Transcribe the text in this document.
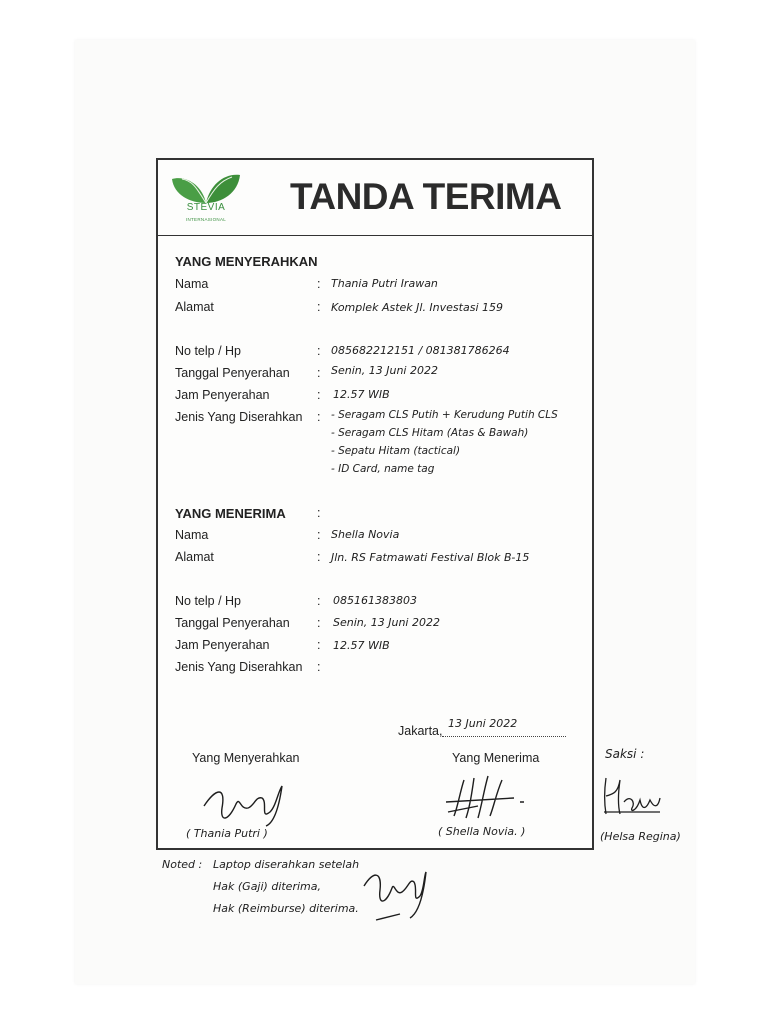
STEVIA
INTERNASIONAL
TANDA TERIMA
YANG MENYERAHKAN
Nama	: Thania Putri Irawan
Alamat	: Komplek Astek Jl. Investasi 159
No telp / Hp	: 085682212151 / 081381786264
Tanggal Penyerahan : Senin, 13 Juni 2022
Jam Penyerahan	: 12.57 WIB
Jenis Yang Diserahkan : - Seragam CLS Putih + Kerudung Putih CLS
- Seragam CLS Hitam (Atas & Bawah)
- Sepatu Hitam (tactical)
- ID Card, name tag
YANG MENERIMA :
Nama	: Shella Novia
Alamat	: Jln. RS Fatmawati Festival Blok B-15
No telp / Hp	: 085161383803
Tanggal Penyerahan : Senin, 13 Juni 2022
Jam Penyerahan	: 12.57 WIB
Jenis Yang Diserahkan :
Jakarta,
13 Juni 2022
Yang Menyerahkan	Yang Menerima	Saksi :
( Thania Putri )	( Shella Novia. )	(Helsa Regina)
Noted : Laptop diserahkan setelah
Hak (Gaji) diterima,
Hak (Reimburse) diterima.
